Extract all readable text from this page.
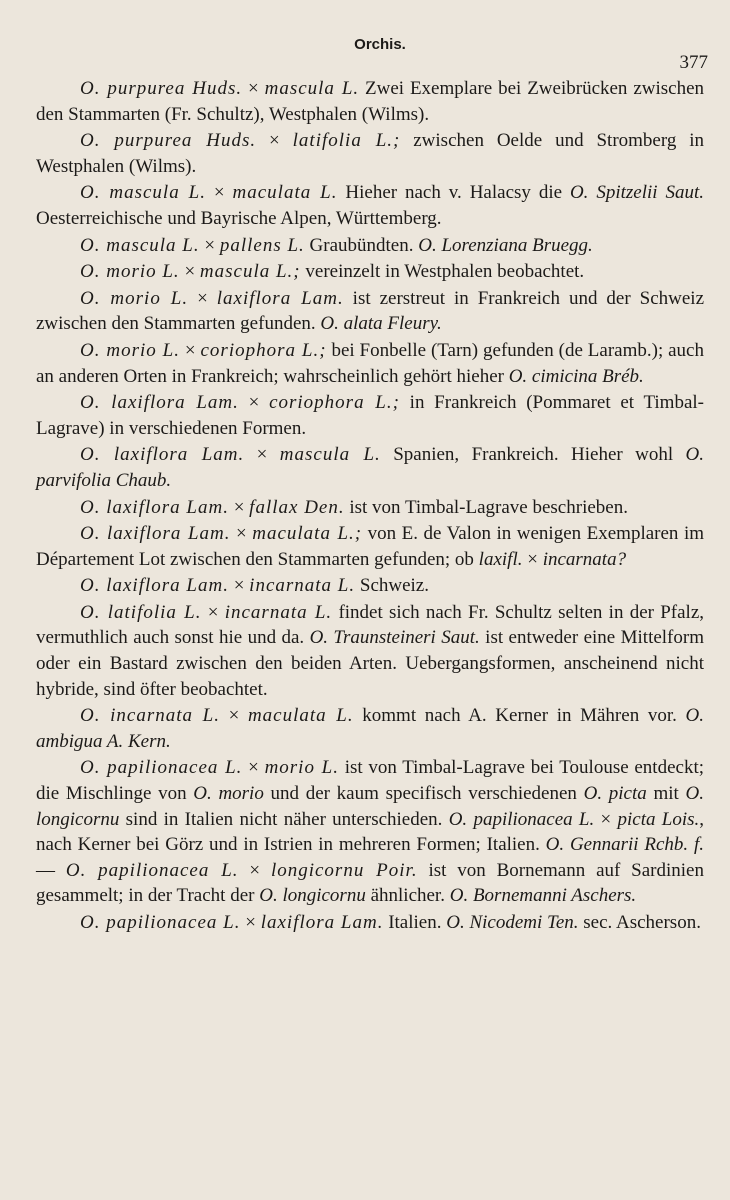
Orchis.
377

O. purpurea Huds. × mascula L. Zwei Exemplare bei Zweibrücken zwischen den Stammarten (Fr. Schultz), Westphalen (Wilms).

O. purpurea Huds. × latifolia L.; zwischen Oelde und Stromberg in Westphalen (Wilms).

O. mascula L. × maculata L. Hieher nach v. Halacsy die O. Spitzelii Saut. Oesterreichische und Bayrische Alpen, Württemberg.

O. mascula L. × pallens L. Graubündten. O. Lorenziana Bruegg.

O. morio L. × mascula L.; vereinzelt in Westphalen beobachtet.

O. morio L. × laxiflora Lam. ist zerstreut in Frankreich und der Schweiz zwischen den Stammarten gefunden. O. alata Fleury.

O. morio L. × coriophora L.; bei Fonbelle (Tarn) gefunden (de Laramb.); auch an anderen Orten in Frankreich; wahrscheinlich gehört hieher O. cimicina Bréb.

O. laxiflora Lam. × coriophora L.; in Frankreich (Pommaret et Timbal-Lagrave) in verschiedenen Formen.

O. laxiflora Lam. × mascula L. Spanien, Frankreich. Hieher wohl O. parvifolia Chaub.

O. laxiflora Lam. × fallax Den. ist von Timbal-Lagrave beschrieben.

O. laxiflora Lam. × maculata L.; von E. de Valon in wenigen Exemplaren im Département Lot zwischen den Stammarten gefunden; ob laxifl. × incarnata?

O. laxiflora Lam. × incarnata L. Schweiz.

O. latifolia L. × incarnata L. findet sich nach Fr. Schultz selten in der Pfalz, vermuthlich auch sonst hie und da. O. Traunsteineri Saut. ist entweder eine Mittelform oder ein Bastard zwischen den beiden Arten. Uebergangsformen, anscheinend nicht hybride, sind öfter beobachtet.

O. incarnata L. × maculata L. kommt nach A. Kerner in Mähren vor. O. ambigua A. Kern.

O. papilionacea L. × morio L. ist von Timbal-Lagrave bei Toulouse entdeckt; die Mischlinge von O. morio und der kaum specifisch verschiedenen O. picta mit O. longicornu sind in Italien nicht näher unterschieden. O. papilionacea L. × picta Lois., nach Kerner bei Görz und in Istrien in mehreren Formen; Italien. O. Gennarii Rchb. f. — O. papilionacea L. × longicornu Poir. ist von Bornemann auf Sardinien gesammelt; in der Tracht der O. longicornu ähnlicher. O. Bornemanni Aschers.

O. papilionacea L. × laxiflora Lam. Italien. O. Nicodemi Ten. sec. Ascherson.
